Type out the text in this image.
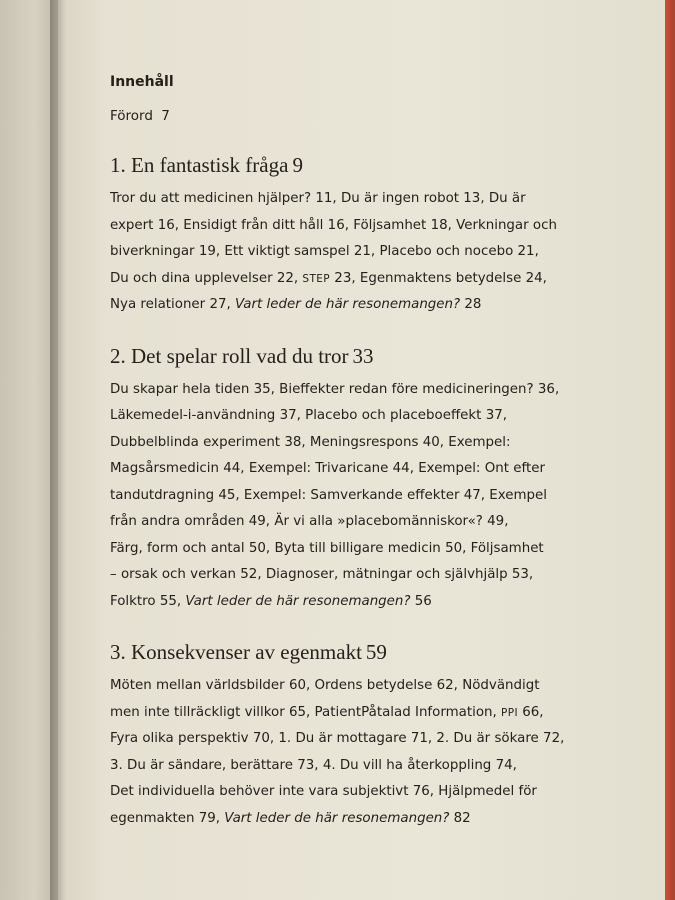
Innehåll
Förord 7
1. En fantastisk fråga 9

Tror du att medicinen hjälper? 11, Du är ingen robot 13, Du är

expert 16, Ensidigt från ditt håll 16, Följsamhet 18, Verkningar och

biverkningar 19, Ett viktigt samspel 21, Placebo och nocebo 21,

Du och dina upplevelser 22, STEP 23, Egenmaktens betydelse 24,

Nya relationer 27, Vart leder de här resonemangen? 28

2. Det spelar roll vad du tror 33

Du skapar hela tiden 35, Bieffekter redan före medicineringen? 36,

Läkemedel-i-användning 37, Placebo och placeboeffekt 37,

Dubbelblinda experiment 38, Meningsrespons 40, Exempel:

Magsårsmedicin 44, Exempel: Trivaricane 44, Exempel: Ont efter

tandutdragning 45, Exempel: Samverkande effekter 47, Exempel

från andra områden 49, Är vi alla »placebomänniskor«? 49,

Färg, form och antal 50, Byta till billigare medicin 50, Följsamhet

– orsak och verkan 52, Diagnoser, mätningar och självhjälp 53,

Folktro 55, Vart leder de här resonemangen? 56

3. Konsekvenser av egenmakt 59

Möten mellan världsbilder 60, Ordens betydelse 62, Nödvändigt

men inte tillräckligt villkor 65, PatientPåtalad Information, PPI 66,

Fyra olika perspektiv 70, 1. Du är mottagare 71, 2. Du är sökare 72,

3. Du är sändare, berättare 73, 4. Du vill ha återkoppling 74,

Det individuella behöver inte vara subjektivt 76, Hjälpmedel för

egenmakten 79, Vart leder de här resonemangen? 82
